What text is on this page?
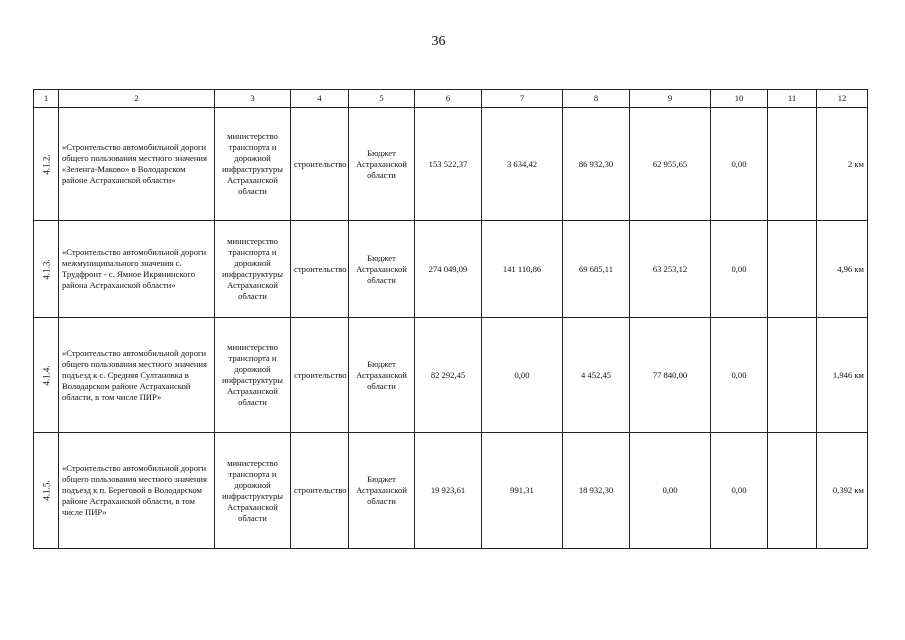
36
1	2	3	4	5	6	7	8	9	10	11	12
4.1.2.	«Строительство автомобильной дороги общего пользования местного значения «Зеленга-Маково» в Володарском районе Астраханской области»	министерство транспорта и дорожной инфраструктуры Астраханской области	строительство	Бюджет Астраханской области	153 522,37	3 634,42	86 932,30	62 955,65	0,00		2 км
4.1.3.	«Строительство автомобильной дороги межмуниципального значения с. Трудфронт - с. Ямное Икрянинского района Астраханской области»	министерство транспорта и дорожной инфраструктуры Астраханской области	строительство	Бюджет Астраханской области	274 049,09	141 110,86	69 685,11	63 253,12	0,00		4,96 км
4.1.4.	«Строительство автомобильной дороги общего пользования местного значения подъезд к с. Средняя Султановка в Володарском районе Астраханской области, в том числе ПИР»	министерство транспорта и дорожной инфраструктуры Астраханской области	строительство	Бюджет Астраханской области	82 292,45	0,00	4 452,45	77 840,00	0,00		1,946 км
4.1.5.	«Строительство автомобильной дороги общего пользования местного значения подъезд к п. Береговой в Володарском районе Астраханской области, в том числе ПИР»	министерство транспорта и дорожной инфраструктуры Астраханской области	строительство	Бюджет Астраханской области	19 923,61	991,31	18 932,30	0,00	0,00		0,392 км
